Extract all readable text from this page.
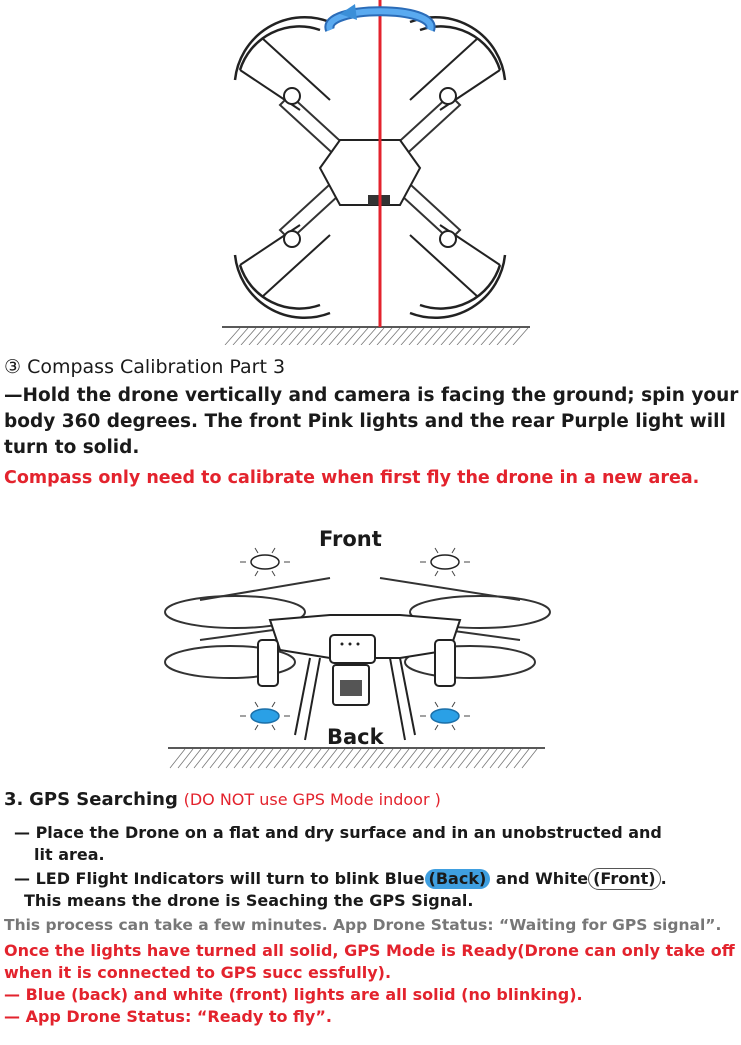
③ Compass Calibration Part 3
—Hold the drone vertically and camera is facing the ground; spin your body 360 degrees. The front Pink lights and the rear Purple light will turn to solid.
Compass only need to calibrate when first fly the drone in a new area.
Front
Back
3. GPS Searching (DO NOT use GPS Mode indoor )
— Place the Drone on a flat and dry surface and in an unobstructed and
lit area.
— LED Flight Indicators will turn to blink Blue (Back) and White (Front) .
This means the drone is Seaching the GPS Signal.
This process can take a few minutes. App Drone Status: “Waiting for GPS signal”.
Once the lights have turned all solid, GPS Mode is Ready(Drone can only take off when it is connected to GPS succ essfully).
— Blue (back) and white (front) lights are all solid (no blinking).
— App Drone Status: “Ready to fly”.
